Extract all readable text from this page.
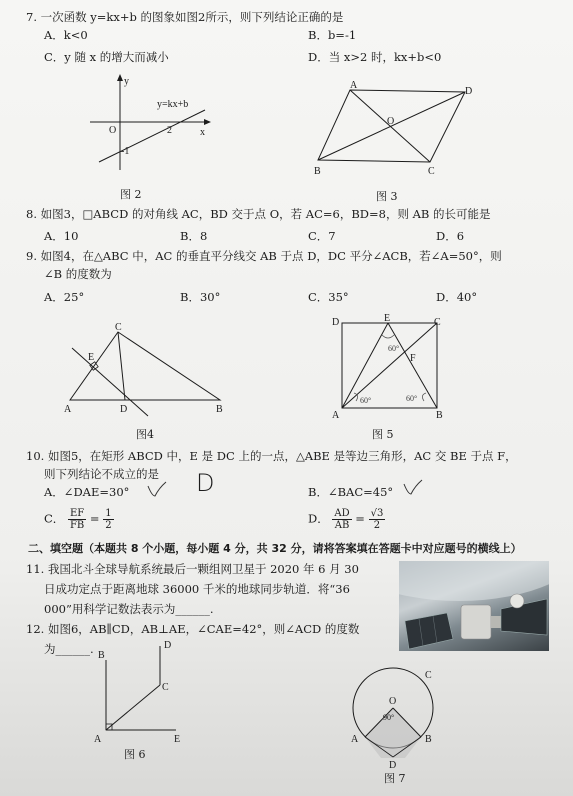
7. 一次函数 y=kx+b 的图象如图2所示，则下列结论正确的是
A．k<0	B．b=-1
C．y 随 x 的增大而减小	D．当 x>2 时，kx+b<0
y
x
O	2
-1
y=kx+b
图 2
A
D
B	C
O
图 3
8. 如图3，□ABCD 的对角线 AC，BD 交于点 O，若 AC=6，BD=8，则 AB 的长可能是
A．10	B．8	C．7	D．6
9. 如图4，在△ABC 中，AC 的垂直平分线交 AB 于点 D，DC 平分∠ACB，若∠A=50°，则
∠B 的度数为
A．25°	B．30°	C．35°	D．40°
C
E
A	D	B
图4
D	E	C
F
A	B
60°
60°	60°
图 5
10. 如图5，在矩形 ABCD 中，E 是 DC 上的一点，△ABE 是等边三角形，AC 交 BE 于点 F，
则下列结论不成立的是
A．∠DAE=30°	D	B．∠BAC=45°
C． $\frac{EF}{FB} = \frac{1}{2}$	D． $\frac{AD}{AB} = \frac{√3}{2}$
二、填空题（本题共 8 个小题，每小题 4 分，共 32 分，请将答案填在答题卡中对应题号的横线上）
11. 我国北斗全球导航系统最后一颗组网卫星于 2020 年 6 月 30
日成功定点于距离地球 36000 千米的地球同步轨道．将“36
000”用科学记数法表示为______.
12. 如图6，AB∥CD，AB⊥AE，∠CAE=42°，则∠ACD 的度数
为______.	D
C
B
A	E
图 6
O
90°
C
A	B
D
图 7
